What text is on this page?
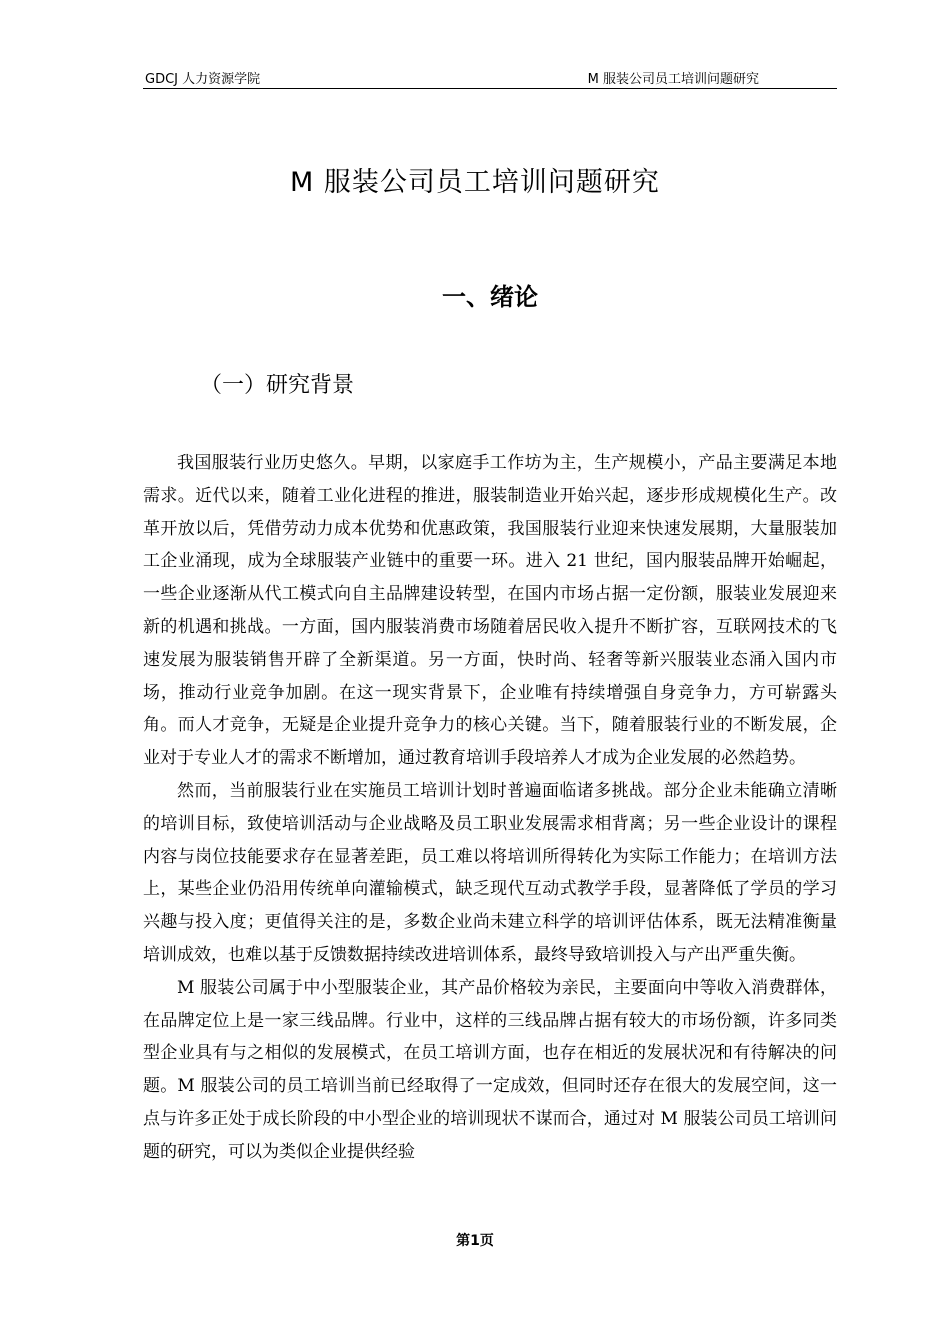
GDCJ 人力资源学院	M 服装公司员工培训问题研究
M 服装公司员工培训问题研究
一、绪论
（一）研究背景

我国服装行业历史悠久。早期，以家庭手工作坊为主，生产规模小，产品主要满足本地需求。近代以来，随着工业化进程的推进，服装制造业开始兴起，逐步形成规模化生产。改革开放以后，凭借劳动力成本优势和优惠政策，我国服装行业迎来快速发展期，大量服装加工企业涌现，成为全球服装产业链中的重要一环。进入 21 世纪，国内服装品牌开始崛起，一些企业逐渐从代工模式向自主品牌建设转型，在国内市场占据一定份额，服装业发展迎来新的机遇和挑战。一方面，国内服装消费市场随着居民收入提升不断扩容，互联网技术的飞速发展为服装销售开辟了全新渠道。另一方面，快时尚、轻奢等新兴服装业态涌入国内市场，推动行业竞争加剧。在这一现实背景下，企业唯有持续增强自身竞争力，方可崭露头角。而人才竞争，无疑是企业提升竞争力的核心关键。当下，随着服装行业的不断发展，企业对于专业人才的需求不断增加，通过教育培训手段培养人才成为企业发展的必然趋势。

然而，当前服装行业在实施员工培训计划时普遍面临诸多挑战。部分企业未能确立清晰的培训目标，致使培训活动与企业战略及员工职业发展需求相背离；另一些企业设计的课程内容与岗位技能要求存在显著差距，员工难以将培训所得转化为实际工作能力；在培训方法上，某些企业仍沿用传统单向灌输模式，缺乏现代互动式教学手段，显著降低了学员的学习兴趣与投入度；更值得关注的是，多数企业尚未建立科学的培训评估体系，既无法精准衡量培训成效，也难以基于反馈数据持续改进培训体系，最终导致培训投入与产出严重失衡。

M 服装公司属于中小型服装企业，其产品价格较为亲民，主要面向中等收入消费群体，在品牌定位上是一家三线品牌。行业中，这样的三线品牌占据有较大的市场份额，许多同类型企业具有与之相似的发展模式，在员工培训方面，也存在相近的发展状况和有待解决的问题。M 服装公司的员工培训当前已经取得了一定成效，但同时还存在很大的发展空间，这一点与许多正处于成长阶段的中小型企业的培训现状不谋而合，通过对 M 服装公司员工培训问题的研究，可以为类似企业提供经验

第1页
